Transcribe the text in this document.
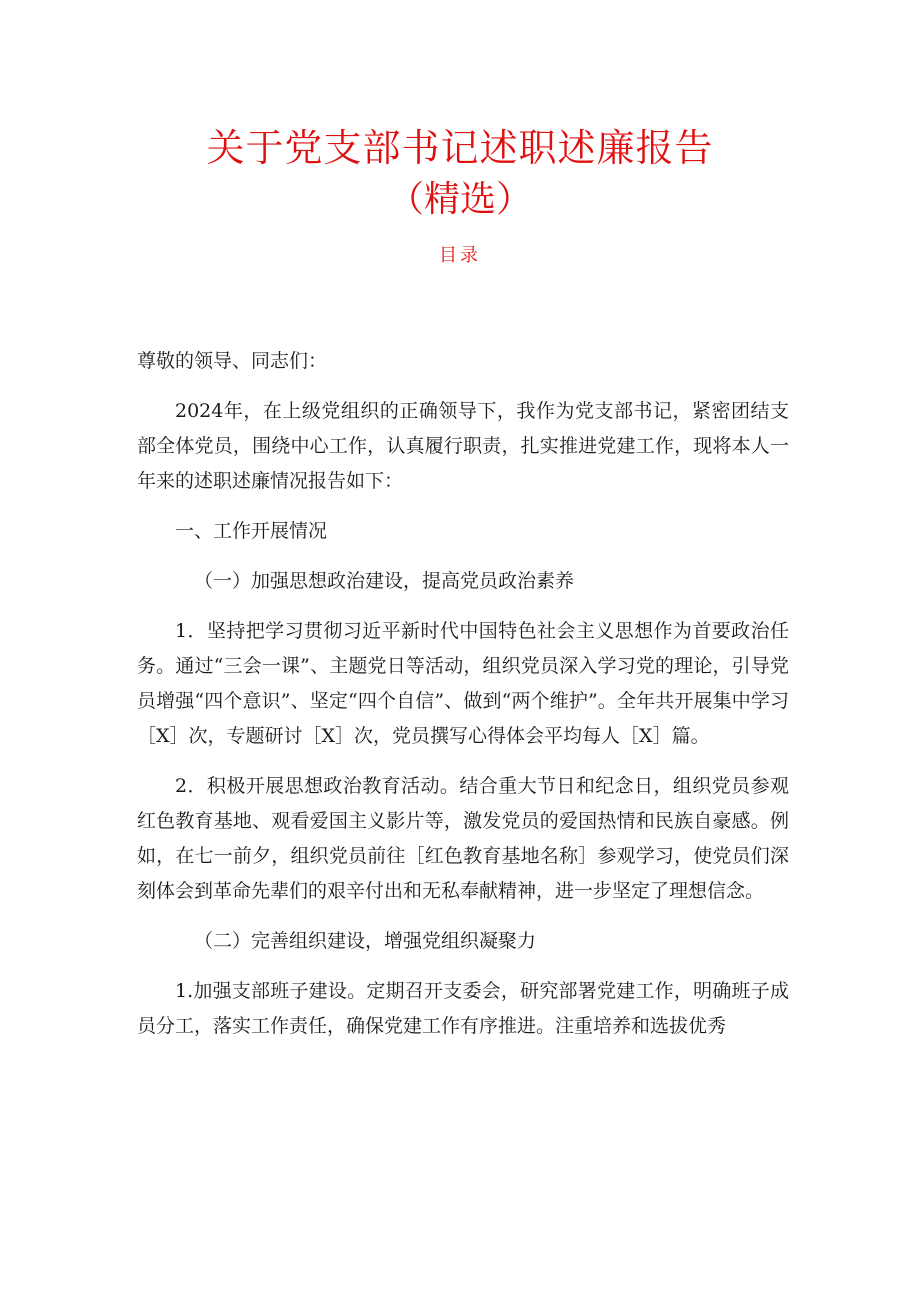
关于党支部书记述职述廉报告

（精选）

目录

尊敬的领导、同志们：

2024年，在上级党组织的正确领导下，我作为党支部书记，紧密团结支部全体党员，围绕中心工作，认真履行职责，扎实推进党建工作，现将本人一年来的述职述廉情况报告如下：

一、工作开展情况

（一）加强思想政治建设，提高党员政治素养

1．坚持把学习贯彻习近平新时代中国特色社会主义思想作为首要政治任务。通过“三会一课”、主题党日等活动，组织党员深入学习党的理论，引导党员增强“四个意识”、坚定“四个自信”、做到“两个维护”。全年共开展集中学习［X］次，专题研讨［X］次，党员撰写心得体会平均每人［X］篇。

2．积极开展思想政治教育活动。结合重大节日和纪念日，组织党员参观红色教育基地、观看爱国主义影片等，激发党员的爱国热情和民族自豪感。例如，在七一前夕，组织党员前往［红色教育基地名称］参观学习，使党员们深刻体会到革命先辈们的艰辛付出和无私奉献精神，进一步坚定了理想信念。

（二）完善组织建设，增强党组织凝聚力

1.加强支部班子建设。定期召开支委会，研究部署党建工作，明确班子成员分工，落实工作责任，确保党建工作有序推进。注重培养和选拔优秀
